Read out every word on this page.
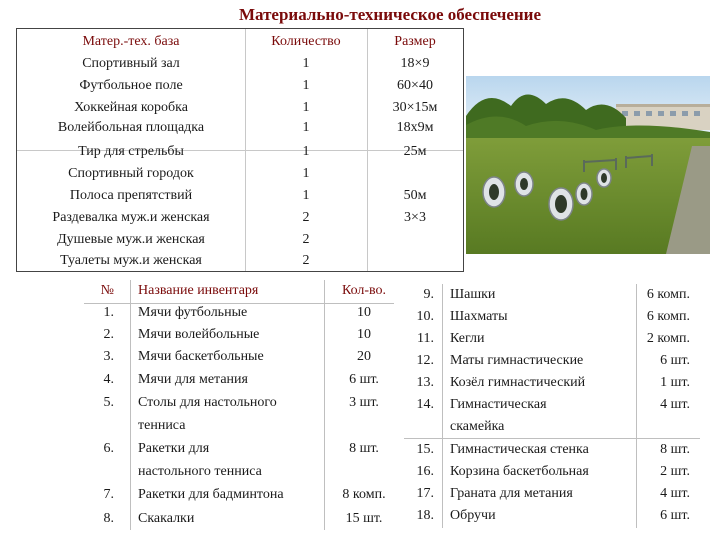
Материально-техническое обеспечение
Матер.-тех. база	Количество	Размер
Спортивный зал	1	18×9
Футбольное поле	1	60×40
Хоккейная коробка	1	30×15м
Волейбольная площадка	1	18х9м
Тир для стрельбы	1	25м
Спортивный городок	1
Полоса препятствий	1	50м
Раздевалка муж.и женская	2	3×3
Душевые муж.и женская	2
Туалеты муж.и женская	2
№ Название инвентаря	Кол-во.
1. Мячи футбольные	10
2. Мячи волейбольные	10
3. Мячи баскетбольные	20
4. Мячи для метания	6 шт.
5. Столы для настольного	3 шт.
тенниса
6. Ракетки для	8 шт.
настольного тенниса
7. Ракетки для бадминтона	8 комп.
8. Скакалки	15 шт.
9. Шашки	6 комп.
10. Шахматы	6 комп.
11. Кегли	2 комп.
12. Маты гимнастические	6 шт.
13. Козёл гимнастический	1 шт.
14. Гимнастическая	4 шт.
скамейка
15. Гимнастическая стенка	8 шт.
16. Корзина баскетбольная	2 шт.
17. Граната для метания	4 шт.
18. Обручи	6 шт.
